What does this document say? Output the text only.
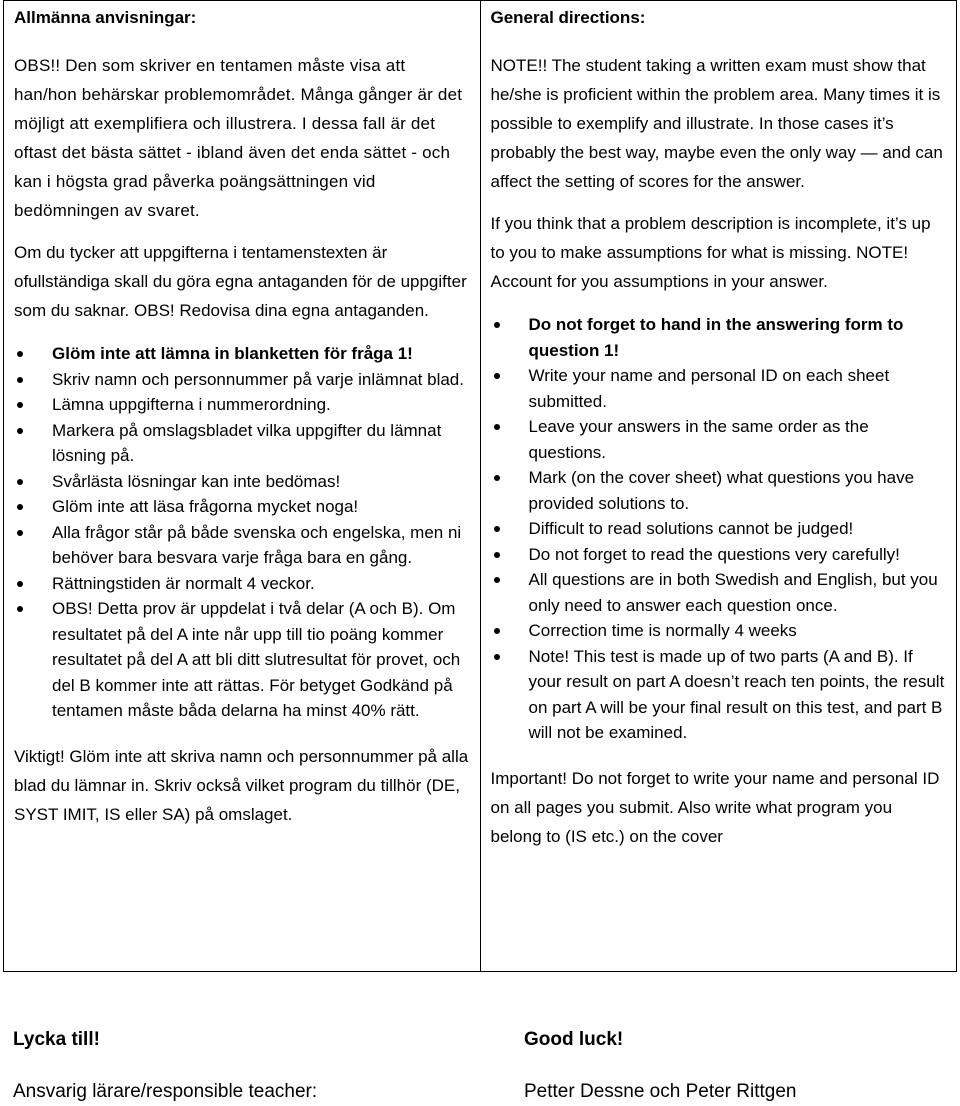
Allmänna anvisningar:

OBS!! Den som skriver en tentamen måste visa att han/hon behärskar problemområdet. Många gånger är det möjligt att exemplifiera och illustrera. I dessa fall är det oftast det bästa sättet - ibland även det enda sättet - och kan i högsta grad påverka poängsättningen vid bedömningen av svaret.

Om du tycker att uppgifterna i tentamenstexten är ofullständiga skall du göra egna antaganden för de uppgifter som du saknar. OBS! Redovisa dina egna antaganden.

Glöm inte att lämna in blanketten för fråga 1!
Skriv namn och personnummer på varje inlämnat blad.
Lämna uppgifterna i nummerordning.
Markera på omslagsbladet vilka uppgifter du lämnat lösning på.
Svårlästa lösningar kan inte bedömas!
Glöm inte att läsa frågorna mycket noga!
Alla frågor står på både svenska och engelska, men ni behöver bara besvara varje fråga bara en gång.
Rättningstiden är normalt 4 veckor.
OBS! Detta prov är uppdelat i två delar (A och B). Om resultatet på del A inte når upp till tio poäng kommer resultatet på del A att bli ditt slutresultat för provet, och del B kommer inte att rättas. För betyget Godkänd på tentamen måste båda delarna ha minst 40% rätt.

Viktigt! Glöm inte att skriva namn och personnummer på alla blad du lämnar in. Skriv också vilket program du tillhör (DE, SYST IMIT, IS eller SA) på omslaget.

General directions:

NOTE!! The student taking a written exam must show that he/she is proficient within the problem area. Many times it is possible to exemplify and illustrate. In those cases it’s probably the best way, maybe even the only way — and can affect the setting of scores for the answer.

If you think that a problem description is incomplete, it’s up to you to make assumptions for what is missing. NOTE! Account for you assumptions in your answer.

Do not forget to hand in the answering form to question 1!
Write your name and personal ID on each sheet submitted.
Leave your answers in the same order as the questions.
Mark (on the cover sheet) what questions you have provided solutions to.
Difficult to read solutions cannot be judged!
Do not forget to read the questions very carefully!
All questions are in both Swedish and English, but you only need to answer each question once.
Correction time is normally 4 weeks
Note! This test is made up of two parts (A and B). If your result on part A doesn’t reach ten points, the result on part A will be your final result on this test, and part B will not be examined.

Important! Do not forget to write your name and personal ID on all pages you submit. Also write what program you belong to (IS etc.) on the cover

Lycka till!	Good luck!
Ansvarig lärare/responsible teacher:	Petter Dessne och Peter Rittgen
